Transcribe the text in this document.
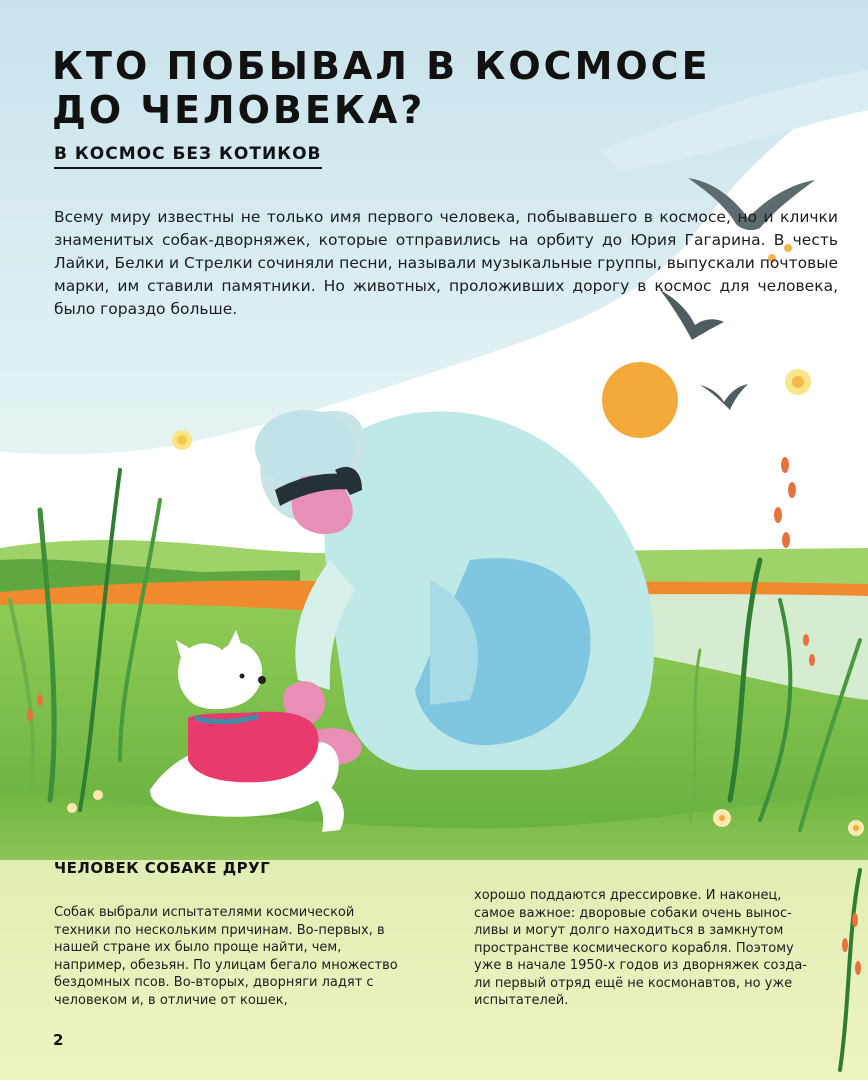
КТО ПОБЫВАЛ В КОСМОСЕ ДО ЧЕЛОВЕКА?
В КОСМОС БЕЗ КОТИКОВ

Всему миру известны не только имя первого человека, побывавшего в космосе, но и клички знаменитых собак-дворняжек, которые отправились на орбиту до Юрия Гагарина. В честь Лайки, Белки и Стрелки сочиняли песни, называли музыкальные группы, выпускали почтовые марки, им ставили памятники. Но животных, проложивших дорогу в космос для человека, было гораздо больше.

ЧЕЛОВЕК СОБАКЕ ДРУГ

Собак выбрали испытателями космической техники по нескольким причинам. Во-первых, в нашей стране их было проще найти, чем, например, обезьян. По улицам бегало множество бездомных псов. Во-вторых, дворняги ладят с человеком и, в отличие от кошек,

хорошо поддаются дрессировке. И наконец, самое важное: дворовые собаки очень выносливы и могут долго находиться в замкнутом пространстве космического корабля. Поэтому уже в начале 1950-х годов из дворняжек создали первый отряд ещё не космонавтов, но уже испытателей.

2
